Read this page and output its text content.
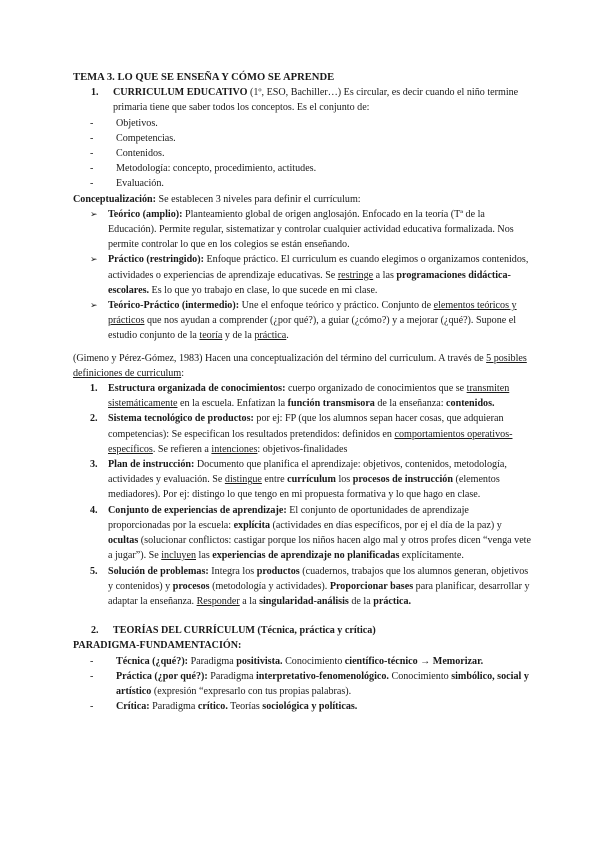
TEMA 3. LO QUE SE ENSEÑA Y CÓMO SE APRENDE

1.	CURRICULUM EDUCATIVO (1º, ESO, Bachiller…) Es circular, es decir cuando el niño termine primaria tiene que saber todos los conceptos. Es el conjunto de:
-	Objetivos.
-	Competencias.
-	Contenidos.
-	Metodología: concepto, procedimiento, actitudes.
-	Evaluación.

Conceptualización: Se establecen 3 niveles para definir el currículum:

➢	Teórico (amplio): Planteamiento global de origen anglosajón. Enfocado en la teoría (Tª de la Educación). Permite regular, sistematizar y controlar cualquier actividad educativa formalizada. Nos permite controlar lo que en los colegios se están enseñando.
➢	Práctico (restringido): Enfoque práctico. El curriculum es cuando elegimos o organizamos contenidos, actividades o experiencias de aprendizaje educativas. Se restringe a las programaciones didáctica-escolares. Es lo que yo trabajo en clase, lo que sucede en mi clase.
➢	Teórico-Práctico (intermedio): Une el enfoque teórico y práctico. Conjunto de elementos teóricos y prácticos que nos ayudan a comprender (¿por qué?), a guiar (¿cómo?) y a mejorar (¿qué?). Supone el estudio conjunto de la teoría y de la práctica.

(Gimeno y Pérez-Gómez, 1983) Hacen una conceptualización del término del curriculum. A través de 5 posibles definiciones de curriculum:

1.	Estructura organizada de conocimientos: cuerpo organizado de conocimientos que se transmiten sistemáticamente en la escuela. Enfatizan la función transmisora de la enseñanza: contenidos.
2.	Sistema tecnológico de productos: por ej: FP (que los alumnos sepan hacer cosas, que adquieran competencias): Se especifican los resultados pretendidos: definidos en comportamientos operativos-específicos. Se refieren a intenciones: objetivos-finalidades
3.	Plan de instrucción: Documento que planifica el aprendizaje: objetivos, contenidos, metodología, actividades y evaluación. Se distingue entre currículum los procesos de instrucción (elementos mediadores). Por ej: distingo lo que tengo en mi propuesta formativa y lo que hago en clase.
4.	Conjunto de experiencias de aprendizaje: El conjunto de oportunidades de aprendizaje proporcionadas por la escuela: explícita (actividades en días específicos, por ej el día de la paz) y ocultas (solucionar conflictos: castigar porque los niños hacen algo mal y otros profes dicen “venga vete a jugar”). Se incluyen las experiencias de aprendizaje no planificadas explícitamente.
5.	Solución de problemas: Integra los productos (cuadernos, trabajos que los alumnos generan, objetivos y contenidos) y procesos (metodología y actividades). Proporcionar bases para planificar, desarrollar y adaptar la enseñanza. Responder a la singularidad-análisis de la práctica.
2.	TEORÍAS DEL CURRÍCULUM (Técnica, práctica y crítica)

PARADIGMA-FUNDAMENTACIÓN:

-	Técnica (¿qué?): Paradigma positivista. Conocimiento científico-técnico → Memorizar.
-	Práctica (¿por qué?): Paradigma interpretativo-fenomenológico. Conocimiento simbólico, social y artístico (expresión “expresarlo con tus propias palabras).
-	Crítica: Paradigma crítico. Teorías sociológica y políticas.
